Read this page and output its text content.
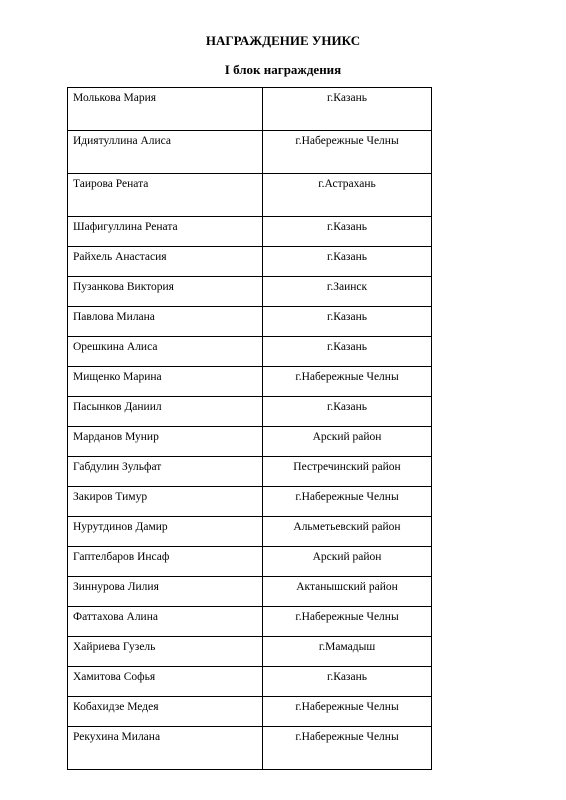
НАГРАЖДЕНИЕ УНИКС
I блок награждения
Молькова Мария	г.Казань
Идиятуллина Алиса	г.Набережные Челны
Таирова Рената	г.Астрахань
Шафигуллина Рената	г.Казань
Райхель Анастасия	г.Казань
Пузанкова Виктория	г.Заинск
Павлова Милана	г.Казань
Орешкина Алиса	г.Казань
Мищенко Марина	г.Набережные Челны
Пасынков Даниил	г.Казань
Марданов Мунир	Арский район
Габдулин Зульфат	Пестречинский район
Закиров Тимур	г.Набережные Челны
Нурутдинов Дамир	Альметьевский район
Гаптелбаров Инсаф	Арский район
Зиннурова Лилия	Актанышский район
Фаттахова Алина	г.Набережные Челны
Хайриева Гузель	г.Мамадыш
Хамитова Софья	г.Казань
Кобахидзе Медея	г.Набережные Челны
Рекухина Милана	г.Набережные Челны
